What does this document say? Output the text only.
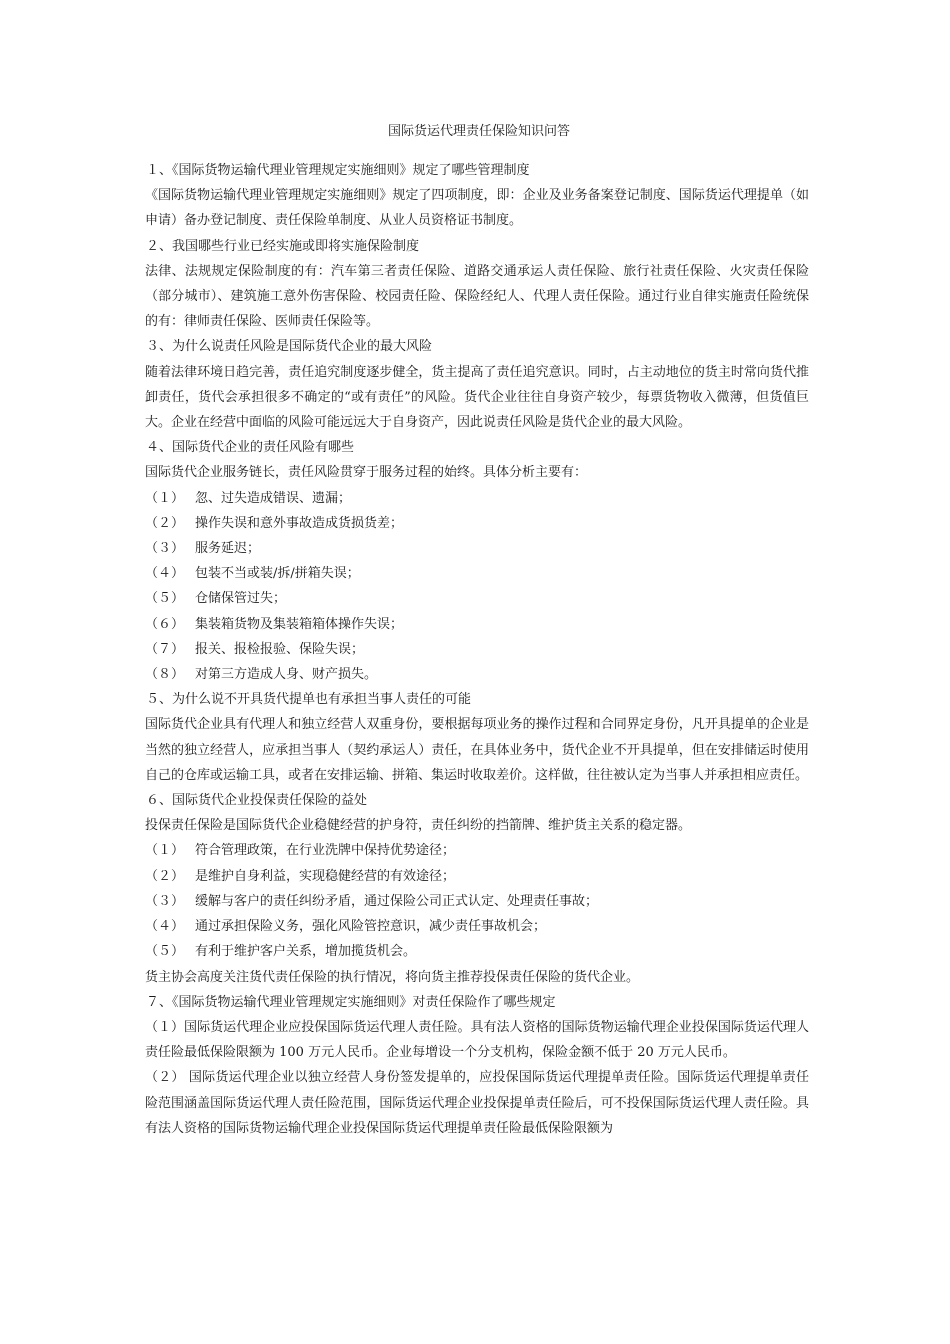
国际货运代理责任保险知识问答

１、《国际货物运输代理业管理规定实施细则》规定了哪些管理制度

《国际货物运输代理业管理规定实施细则》规定了四项制度，即：企业及业务备案登记制度、国际货运代理提单（如申请）备办登记制度、责任保险单制度、从业人员资格证书制度。

２、我国哪些行业已经实施或即将实施保险制度

法律、法规规定保险制度的有：汽车第三者责任保险、道路交通承运人责任保险、旅行社责任保险、火灾责任保险（部分城市）、建筑施工意外伤害保险、校园责任险、保险经纪人、代理人责任保险。通过行业自律实施责任险统保的有：律师责任保险、医师责任保险等。

３、为什么说责任风险是国际货代企业的最大风险

随着法律环境日趋完善，责任追究制度逐步健全，货主提高了责任追究意识。同时，占主动地位的货主时常向货代推卸责任，货代会承担很多不确定的“或有责任”的风险。货代企业往往自身资产较少，每票货物收入微薄，但货值巨大。企业在经营中面临的风险可能远远大于自身资产，因此说责任风险是货代企业的最大风险。

４、国际货代企业的责任风险有哪些

国际货代企业服务链长，责任风险贯穿于服务过程的始终。具体分析主要有：

（１） 忽、过失造成错误、遗漏；

（２） 操作失误和意外事故造成货损货差；

（３） 服务延迟；

（４） 包装不当或装/拆/拼箱失误；

（５） 仓储保管过失；

（６） 集装箱货物及集装箱箱体操作失误；

（７） 报关、报检报验、保险失误；

（８） 对第三方造成人身、财产损失。

５、为什么说不开具货代提单也有承担当事人责任的可能

国际货代企业具有代理人和独立经营人双重身份，要根据每项业务的操作过程和合同界定身份，凡开具提单的企业是当然的独立经营人，应承担当事人（契约承运人）责任，在具体业务中，货代企业不开具提单，但在安排储运时使用自己的仓库或运输工具，或者在安排运输、拼箱、集运时收取差价。这样做，往往被认定为当事人并承担相应责任。

６、国际货代企业投保责任保险的益处

投保责任保险是国际货代企业稳健经营的护身符，责任纠纷的挡箭牌、维护货主关系的稳定器。

（１） 符合管理政策，在行业洗牌中保持优势途径；

（２） 是维护自身利益，实现稳健经营的有效途径；

（３） 缓解与客户的责任纠纷矛盾，通过保险公司正式认定、处理责任事故；

（４） 通过承担保险义务，强化风险管控意识，减少责任事故机会；

（５） 有利于维护客户关系，增加揽货机会。

货主协会高度关注货代责任保险的执行情况，将向货主推荐投保责任保险的货代企业。

７、《国际货物运输代理业管理规定实施细则》对责任保险作了哪些规定

（１）国际货运代理企业应投保国际货运代理人责任险。具有法人资格的国际货物运输代理企业投保国际货运代理人责任险最低保险限额为 100 万元人民币。企业每增设一个分支机构，保险金额不低于 20 万元人民币。

（２） 国际货运代理企业以独立经营人身份签发提单的，应投保国际货运代理提单责任险。国际货运代理提单责任险范围涵盖国际货运代理人责任险范围，国际货运代理企业投保提单责任险后，可不投保国际货运代理人责任险。具有法人资格的国际货物运输代理企业投保国际货运代理提单责任险最低保险限额为
